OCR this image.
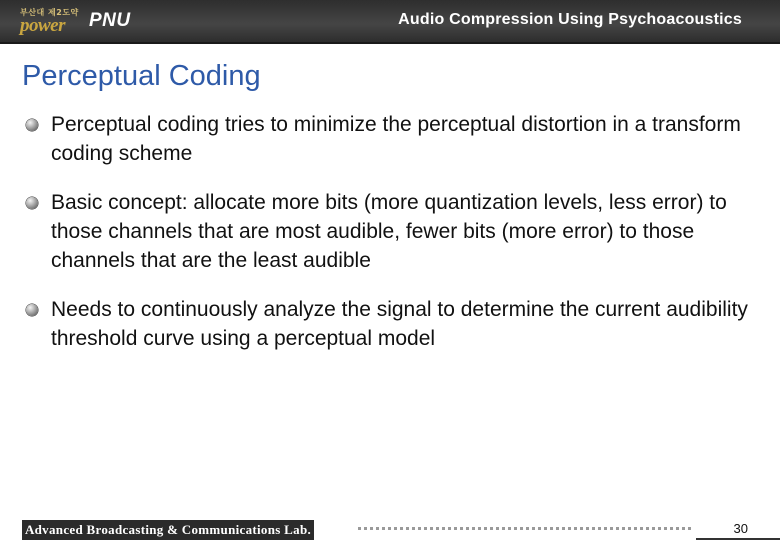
부산대 제2도약
power PNU	Audio Compression Using Psychoacoustics
Perceptual Coding
Perceptual coding tries to minimize the perceptual distortion in a transform coding scheme
Basic concept: allocate more bits (more quantization levels, less error) to those channels that are most audible, fewer bits (more error) to those channels that are the least audible
Needs to continuously analyze the signal to determine the current audibility threshold curve using a perceptual model
Advanced Broadcasting & Communications Lab.	30
